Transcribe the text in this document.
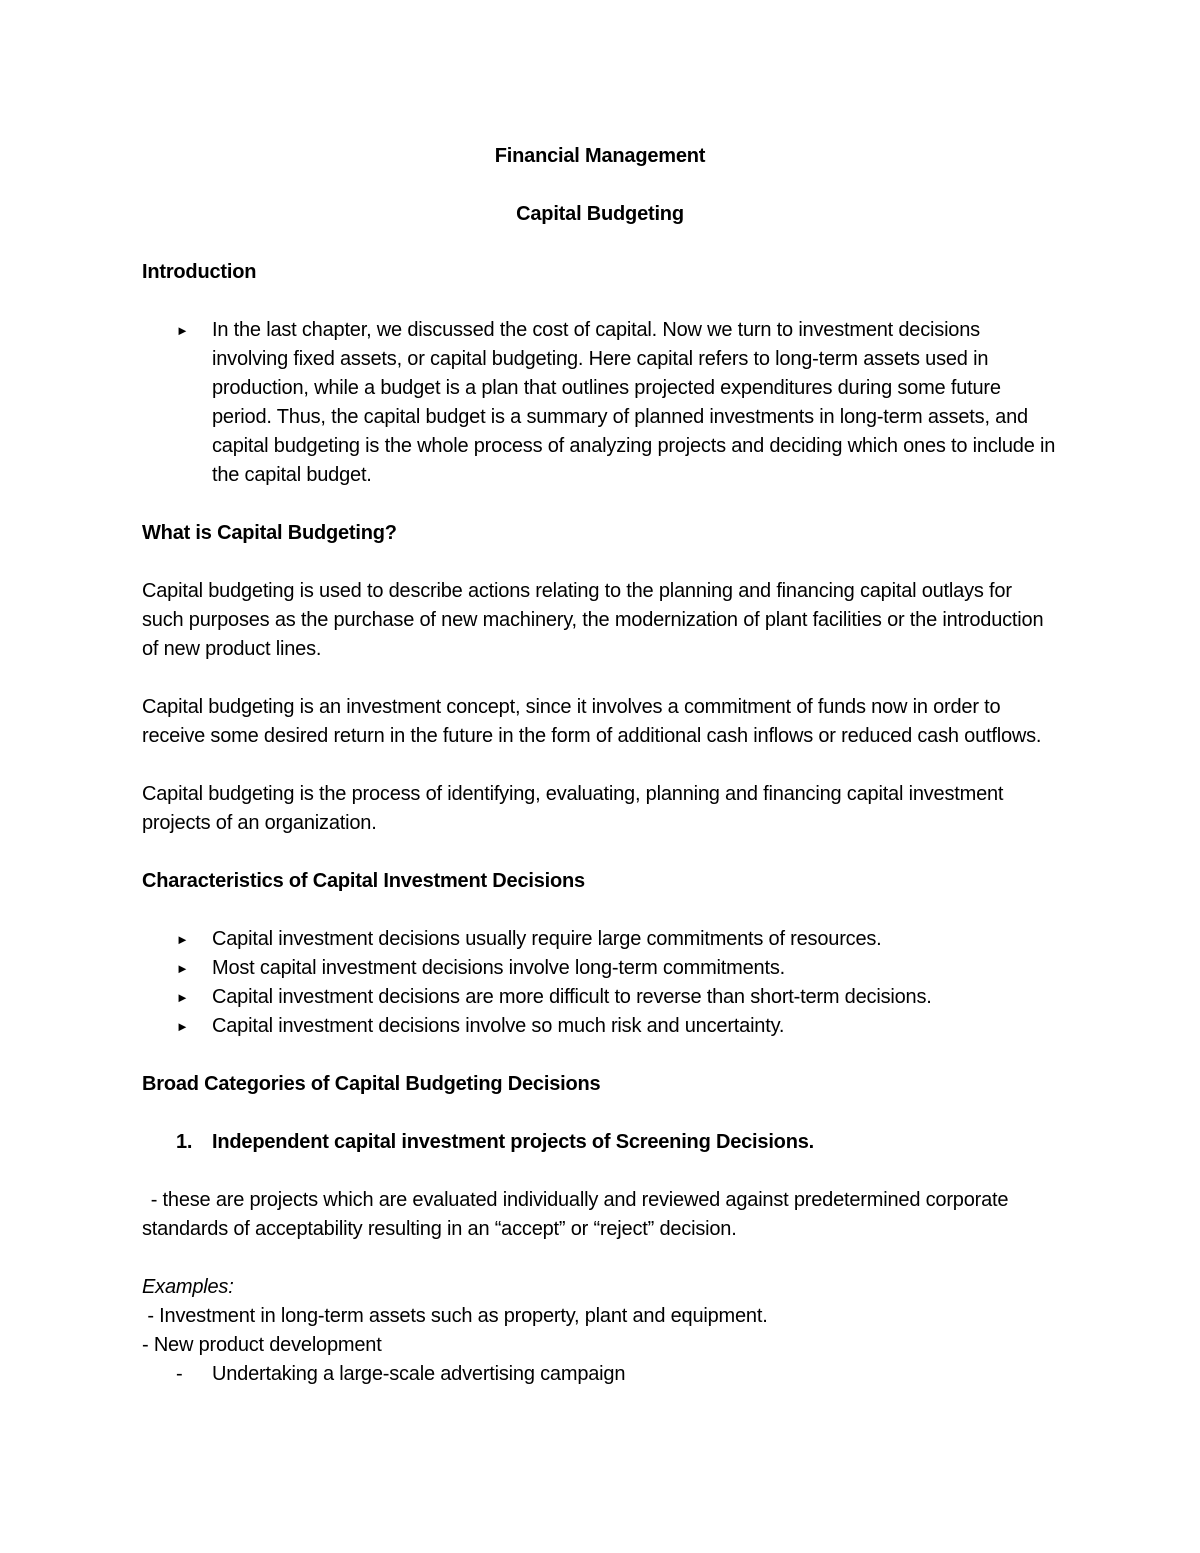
Financial Management

Capital Budgeting

Introduction

► In the last chapter, we discussed the cost of capital. Now we turn to investment decisions involving fixed assets, or capital budgeting. Here capital refers to long-term assets used in production, while a budget is a plan that outlines projected expenditures during some future period. Thus, the capital budget is a summary of planned investments in long-term assets, and capital budgeting is the whole process of analyzing projects and deciding which ones to include in the capital budget.

What is Capital Budgeting?

Capital budgeting is used to describe actions relating to the planning and financing capital outlays for such purposes as the purchase of new machinery, the modernization of plant facilities or the introduction of new product lines.

Capital budgeting is an investment concept, since it involves a commitment of funds now in order to receive some desired return in the future in the form of additional cash inflows or reduced cash outflows.

Capital budgeting is the process of identifying, evaluating, planning and financing capital investment projects of an organization.

Characteristics of Capital Investment Decisions

► Capital investment decisions usually require large commitments of resources.
► Most capital investment decisions involve long-term commitments.
► Capital investment decisions are more difficult to reverse than short-term decisions.
► Capital investment decisions involve so much risk and uncertainty.

Broad Categories of Capital Budgeting Decisions

1. Independent capital investment projects of Screening Decisions.

- these are projects which are evaluated individually and reviewed against predetermined corporate standards of acceptability resulting in an “accept” or “reject” decision.

Examples:

- Investment in long-term assets such as property, plant and equipment.

- New product development

- Undertaking a large-scale advertising campaign
